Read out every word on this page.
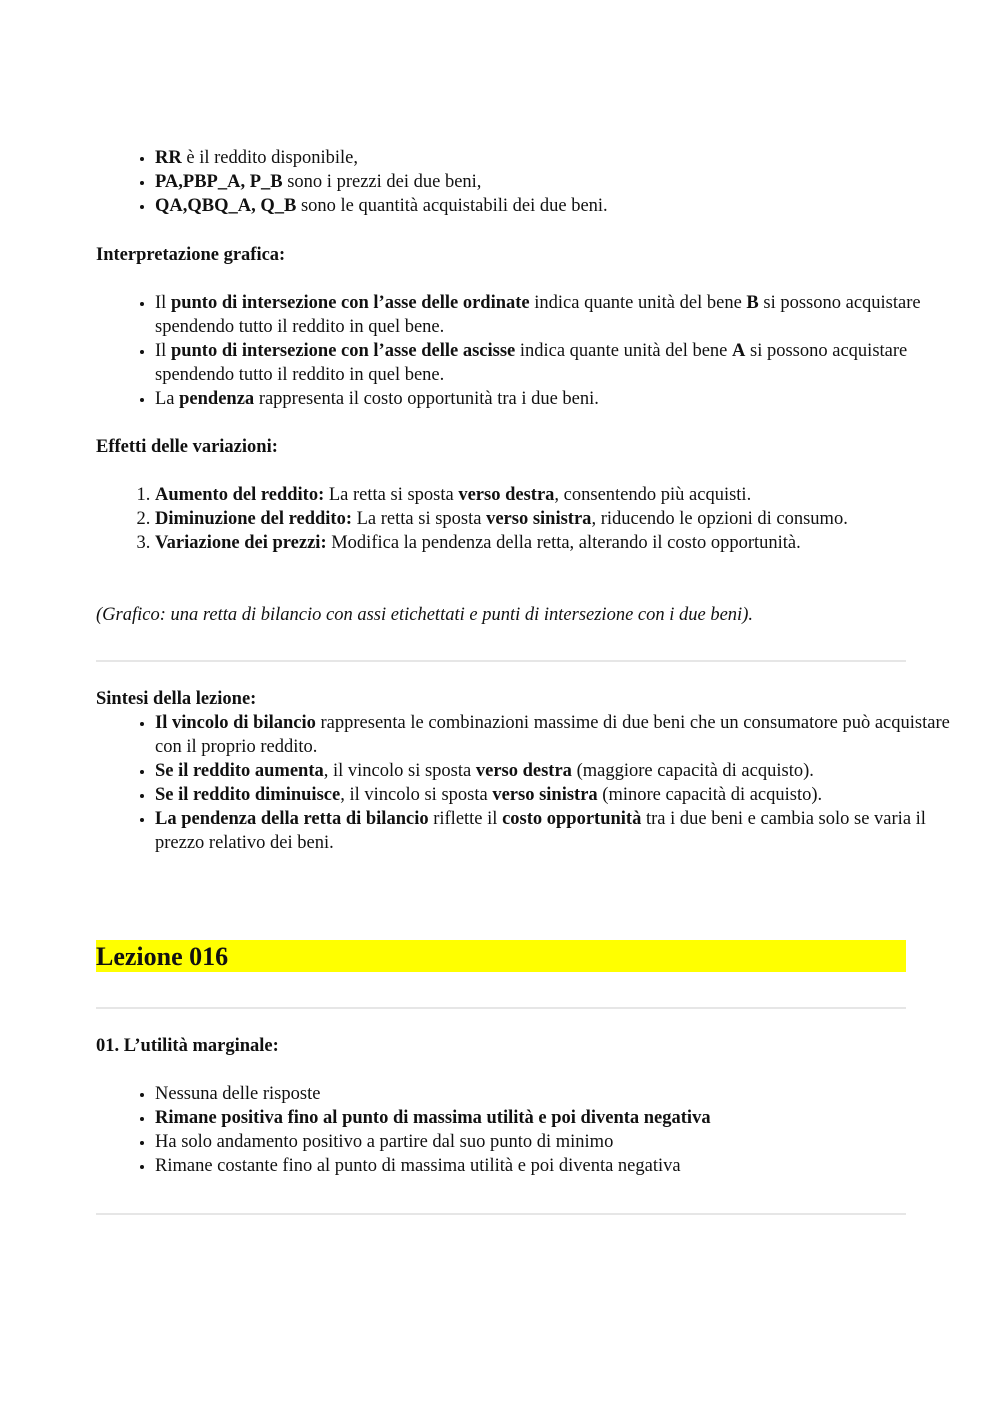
• RR è il reddito disponibile,
• PA,PBP_A, P_B sono i prezzi dei due beni,
• QA,QBQ_A, Q_B sono le quantità acquistabili dei due beni.
Interpretazione grafica:
• Il punto di intersezione con l’asse delle ordinate indica quante unità del bene B si possono acquistare spendendo tutto il reddito in quel bene.
• Il punto di intersezione con l’asse delle ascisse indica quante unità del bene A si possono acquistare spendendo tutto il reddito in quel bene.
• La pendenza rappresenta il costo opportunità tra i due beni.
Effetti delle variazioni:
1. Aumento del reddito: La retta si sposta verso destra, consentendo più acquisti.
2. Diminuzione del reddito: La retta si sposta verso sinistra, riducendo le opzioni di consumo.
3. Variazione dei prezzi: Modifica la pendenza della retta, alterando il costo opportunità.
(Grafico: una retta di bilancio con assi etichettati e punti di intersezione con i due beni).
Sintesi della lezione:
• Il vincolo di bilancio rappresenta le combinazioni massime di due beni che un consumatore può acquistare con il proprio reddito.
• Se il reddito aumenta, il vincolo si sposta verso destra (maggiore capacità di acquisto).
• Se il reddito diminuisce, il vincolo si sposta verso sinistra (minore capacità di acquisto).
• La pendenza della retta di bilancio riflette il costo opportunità tra i due beni e cambia solo se varia il prezzo relativo dei beni.
Lezione 016
01. L’utilità marginale:
• Nessuna delle risposte
• Rimane positiva fino al punto di massima utilità e poi diventa negativa
• Ha solo andamento positivo a partire dal suo punto di minimo
• Rimane costante fino al punto di massima utilità e poi diventa negativa
